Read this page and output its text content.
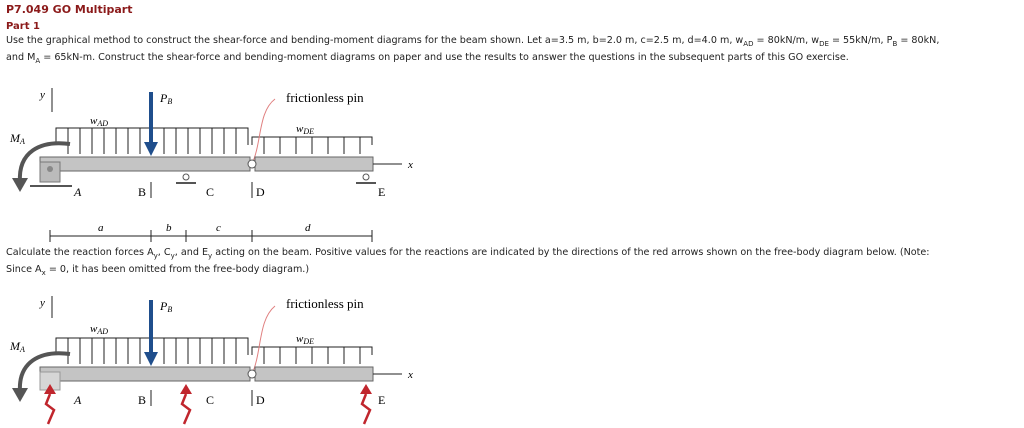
P7.049 GO Multipart
Part 1
Use the graphical method to construct the shear-force and bending-moment diagrams for the beam shown. Let a=3.5 m, b=2.0 m, c=2.5 m, d=4.0 m, $w_{AD} = 80kN/m$, $w_{DE} = 55kN/m$, $P_B = 80kN$,
and $M_A = 65kN-m$. Construct the shear-force and bending-moment diagrams on paper and use the results to answer the questions in the subsequent parts of this GO exercise.
Calculate the reaction forces $A_y$, $C_y$, and $E_y$ acting on the beam. Positive values for the reactions are indicated by the directions of the red arrows shown on the free-body diagram below. (Note:
Since $A_x = 0$, it has been omitted from the free-body diagram.)
y
wAD	wDE
PB	frictionless pin
x
MA
A	B	C	D	E
a	b	c	d
y
wAD
wDE
PB	frictionless pin
x
MA
A	B	C	D	E
